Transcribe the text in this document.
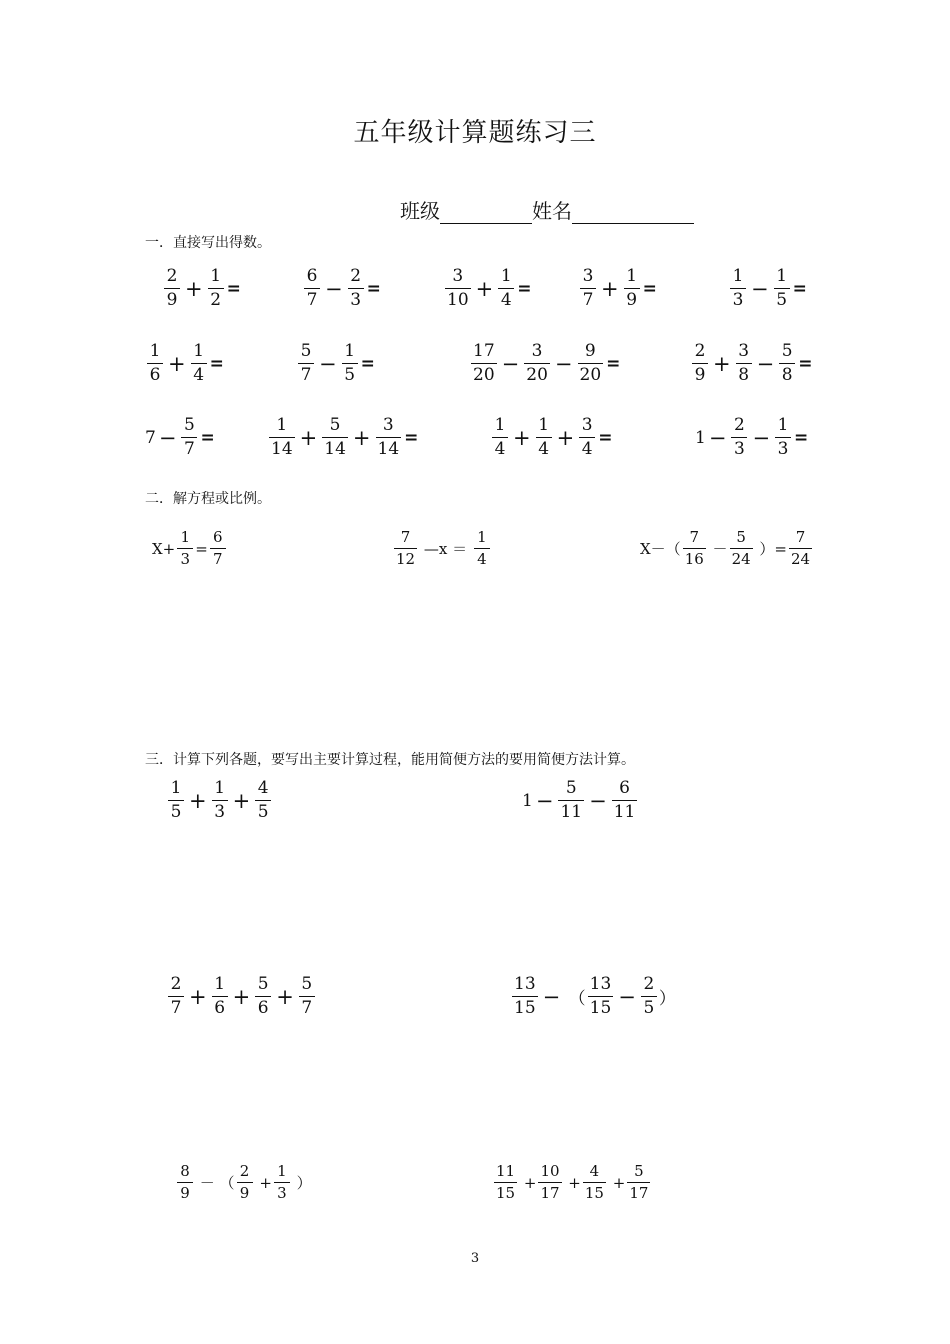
五年级计算题练习三
班级	姓名
一．直接写出得数。
$\frac{2}{9} + \frac{1}{2}$ =	$\frac{6}{7} - \frac{2}{3}$ =	$\frac{3}{10} + \frac{1}{4}$ =	$\frac{3}{7} + \frac{1}{9}$ =	$\frac{1}{3} - \frac{1}{5}$ =
$\frac{1}{6} + \frac{1}{4}$ =	$\frac{5}{7} - \frac{1}{5}$ =	$\frac{17}{20} - \frac{3}{20} - \frac{9}{20}$ =	$\frac{2}{9} + \frac{3}{8} - \frac{5}{8}$ =
$7 - \frac{5}{7}$ =	$\frac{1}{14} + \frac{5}{14} + \frac{3}{14}$ =	$\frac{1}{4} + \frac{1}{4} + \frac{3}{4}$ =	$1 - \frac{2}{3} - \frac{1}{3}$ =
二．解方程或比例。
$X+ \frac{1}{3} = \frac{6}{7}$	$\frac{7}{12}$ —x ＝ $\frac{1}{4}$	$X-( \frac{7}{16} - \frac{5}{24}$ ）= $\frac{7}{24}$
三．计算下列各题，要写出主要计算过程，能用简便方法的要用简便方法计算。
$\frac{1}{5} + \frac{1}{3} + \frac{4}{5}$	$1 - \frac{5}{11} - \frac{6}{11}$
$\frac{2}{7} + \frac{1}{6} + \frac{5}{6} + \frac{5}{7}$	$\frac{13}{15}$ − （ $\frac{13}{15} - \frac{2}{5}$ ）
$\frac{8}{9}$ － （ $\frac{2}{9} + \frac{1}{3}$ ）	$\frac{11}{15} + \frac{10}{17} + \frac{4}{15} + \frac{5}{17}$
3
